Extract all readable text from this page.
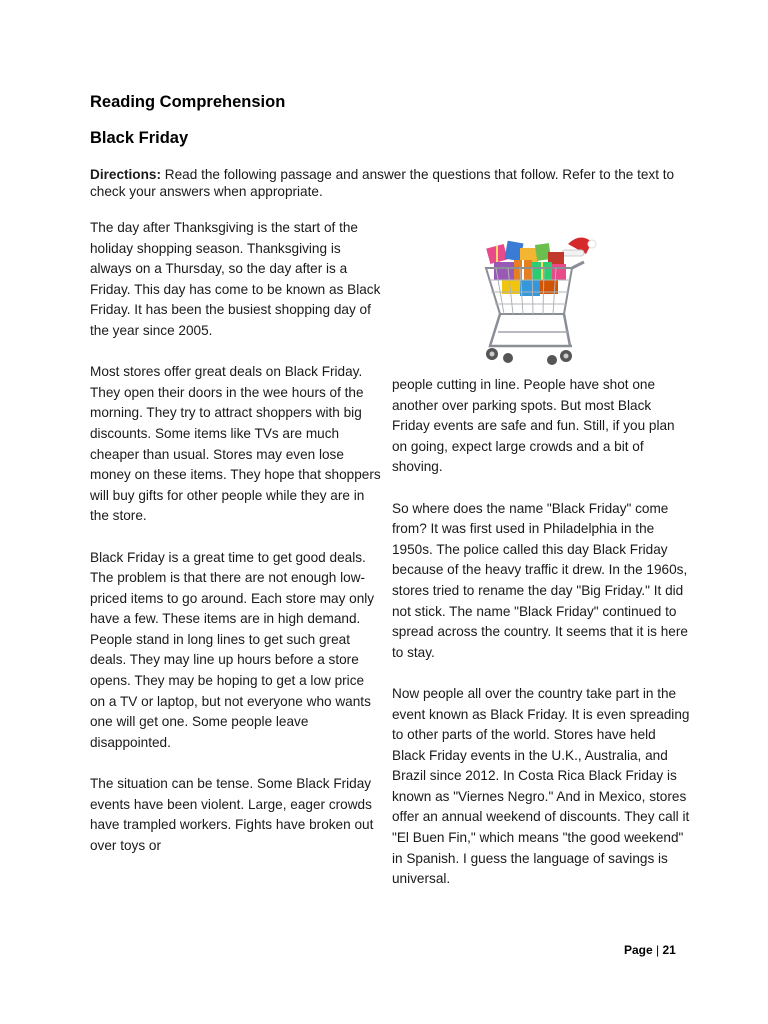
Reading Comprehension
Black Friday

Directions: Read the following passage and answer the questions that follow. Refer to the text to check your answers when appropriate.

The day after Thanksgiving is the start of the holiday shopping season. Thanksgiving is always on a Thursday, so the day after is a Friday. This day has come to be known as Black Friday. It has been the busiest shopping day of the year since 2005.

Most stores offer great deals on Black Friday. They open their doors in the wee hours of the morning. They try to attract shoppers with big discounts. Some items like TVs are much cheaper than usual. Stores may even lose money on these items. They hope that shoppers will buy gifts for other people while they are in the store.

Black Friday is a great time to get good deals. The problem is that there are not enough low-priced items to go around. Each store may only have a few. These items are in high demand. People stand in long lines to get such great deals. They may line up hours before a store opens. They may be hoping to get a low price on a TV or laptop, but not everyone who wants one will get one. Some people leave disappointed.

The situation can be tense. Some Black Friday events have been violent. Large, eager crowds have trampled workers. Fights have broken out over toys or

people cutting in line. People have shot one another over parking spots. But most Black Friday events are safe and fun. Still, if you plan on going, expect large crowds and a bit of shoving.

So where does the name "Black Friday" come from? It was first used in Philadelphia in the 1950s. The police called this day Black Friday because of the heavy traffic it drew. In the 1960s, stores tried to rename the day "Big Friday." It did not stick. The name "Black Friday" continued to spread across the country. It seems that it is here to stay.

Now people all over the country take part in the event known as Black Friday. It is even spreading to other parts of the world. Stores have held Black Friday events in the U.K., Australia, and Brazil since 2012. In Costa Rica Black Friday is known as "Viernes Negro." And in Mexico, stores offer an annual weekend of discounts. They call it "El Buen Fin," which means "the good weekend" in Spanish. I guess the language of savings is universal.

Page | 21
